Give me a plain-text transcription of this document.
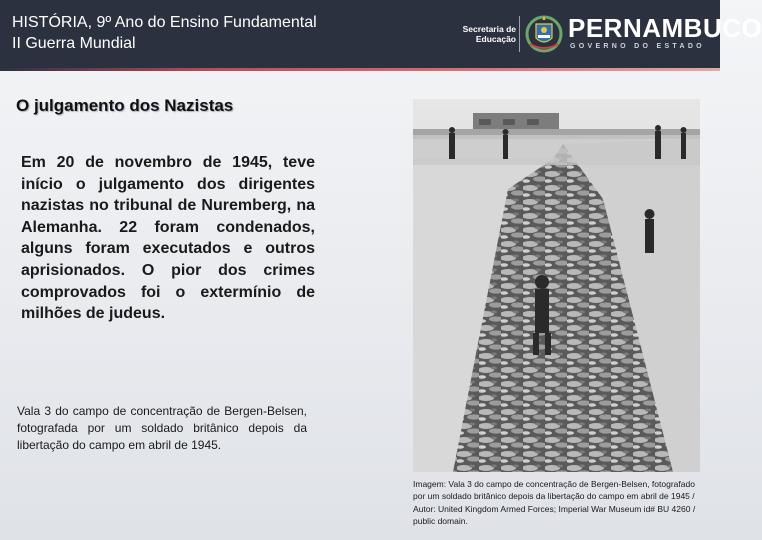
HISTÓRIA, 9º Ano do Ensino Fundamental
II Guerra Mundial
Secretaria de
Educação PERNAMBUCO
GOVERNO DO ESTADO
O julgamento dos Nazistas
Em 20 de novembro de 1945, teve início o julgamento dos dirigentes nazistas no tribunal de Nuremberg, na Alemanha. 22 foram condenados, alguns foram executados e outros aprisionados. O pior dos crimes comprovados foi o extermínio de milhões de judeus.
Vala 3 do campo de concentração de Bergen-Belsen, fotografada por um soldado britânico depois da libertação do campo em abril de 1945.
Imagem: Vala 3 do campo de concentração de Bergen-Belsen, fotografado por um soldado britânico depois da libertação do campo em abril de 1945 / Autor: United Kingdom Armed Forces; Imperial War Museum id# BU 4260 / public domain.
